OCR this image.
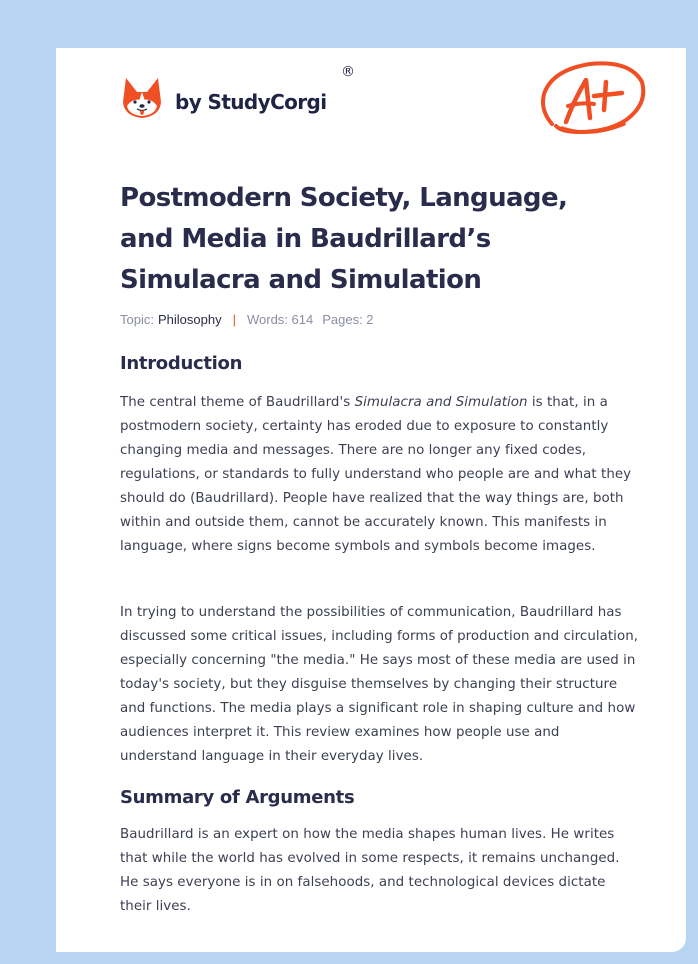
by StudyCorgi
®
Postmodern Society, Language,
and Media in Baudrillard’s
Simulacra and Simulation
Topic: Philosophy | Words: 614 Pages: 2
Introduction

The central theme of Baudrillard's Simulacra and Simulation is that, in a postmodern society, certainty has eroded due to exposure to constantly changing media and messages. There are no longer any fixed codes, regulations, or standards to fully understand who people are and what they should do (Baudrillard). People have realized that the way things are, both within and outside them, cannot be accurately known. This manifests in language, where signs become symbols and symbols become images.

In trying to understand the possibilities of communication, Baudrillard has discussed some critical issues, including forms of production and circulation, especially concerning "the media." He says most of these media are used in today's society, but they disguise themselves by changing their structure and functions. The media plays a significant role in shaping culture and how audiences interpret it. This review examines how people use and understand language in their everyday lives.

Summary of Arguments

Baudrillard is an expert on how the media shapes human lives. He writes that while the world has evolved in some respects, it remains unchanged. He says everyone is in on falsehoods, and technological devices dictate their lives.
